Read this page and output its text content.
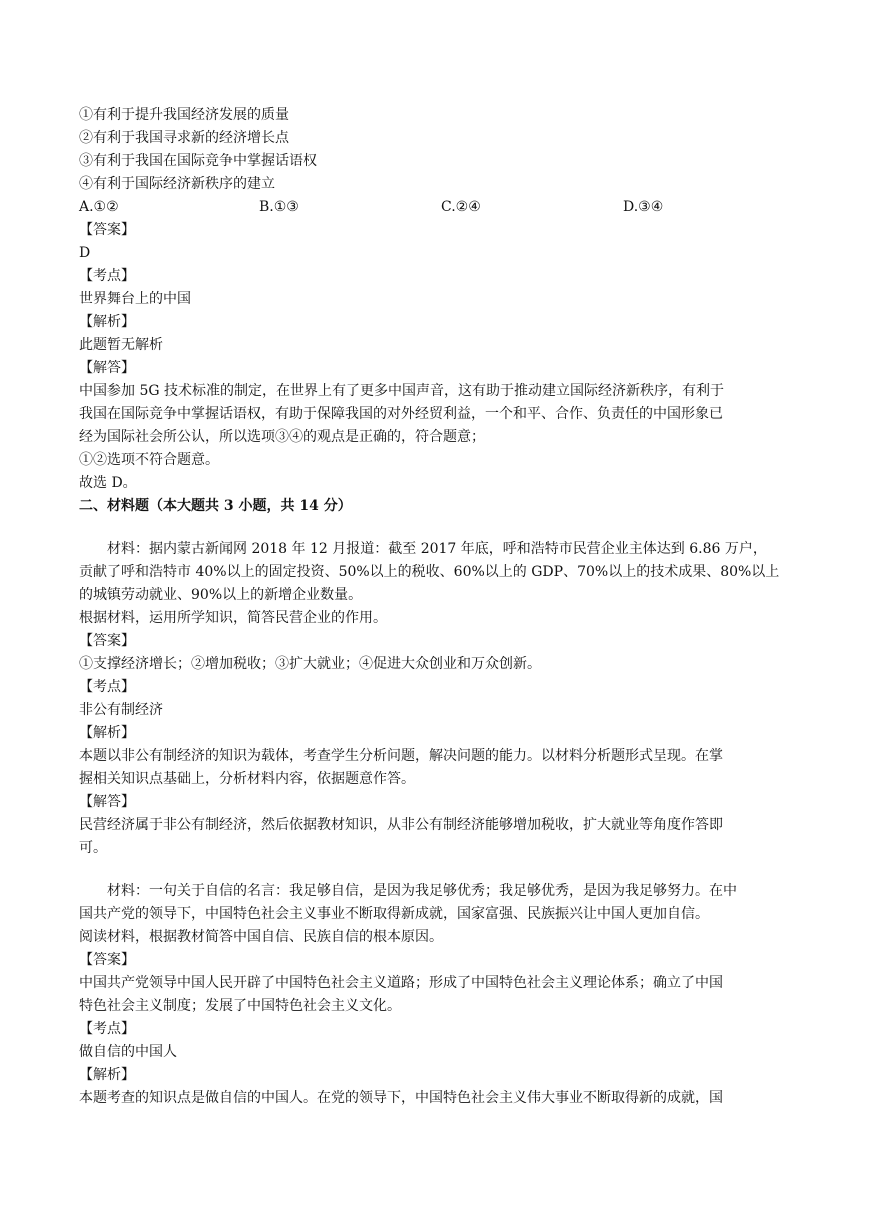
①有利于提升我国经济发展的质量
②有利于我国寻求新的经济增长点
③有利于我国在国际竞争中掌握话语权
④有利于国际经济新秩序的建立
A.①②	B.①③	C.②④	D.③④
【答案】
D
【考点】
世界舞台上的中国
【解析】
此题暂无解析
【解答】
中国参加 5G 技术标准的制定，在世界上有了更多中国声音，这有助于推动建立国际经济新秩序，有利于
我国在国际竞争中掌握话语权，有助于保障我国的对外经贸利益，一个和平、合作、负责任的中国形象已
经为国际社会所公认，所以选项③④的观点是正确的，符合题意；
①②选项不符合题意。
故选 D。
二、材料题（本大题共 3 小题，共 14 分）
材料：据内蒙古新闻网 2018 年 12 月报道：截至 2017 年底，呼和浩特市民营企业主体达到 6.86 万户，
贡献了呼和浩特市 40%以上的固定投资、50%以上的税收、60%以上的 GDP、70%以上的技术成果、80%以上
的城镇劳动就业、90%以上的新增企业数量。
根据材料，运用所学知识，简答民营企业的作用。
【答案】
①支撑经济增长；②增加税收；③扩大就业；④促进大众创业和万众创新。
【考点】
非公有制经济
【解析】
本题以非公有制经济的知识为载体，考查学生分析问题，解决问题的能力。以材料分析题形式呈现。在掌
握相关知识点基础上，分析材料内容，依据题意作答。
【解答】
民营经济属于非公有制经济，然后依据教材知识，从非公有制经济能够增加税收，扩大就业等角度作答即
可。
材料：一句关于自信的名言：我足够自信，是因为我足够优秀；我足够优秀，是因为我足够努力。在中
国共产党的领导下，中国特色社会主义事业不断取得新成就，国家富强、民族振兴让中国人更加自信。
阅读材料，根据教材简答中国自信、民族自信的根本原因。
【答案】
中国共产党领导中国人民开辟了中国特色社会主义道路；形成了中国特色社会主义理论体系；确立了中国
特色社会主义制度；发展了中国特色社会主义文化。
【考点】
做自信的中国人
【解析】
本题考查的知识点是做自信的中国人。在党的领导下，中国特色社会主义伟大事业不断取得新的成就，国
